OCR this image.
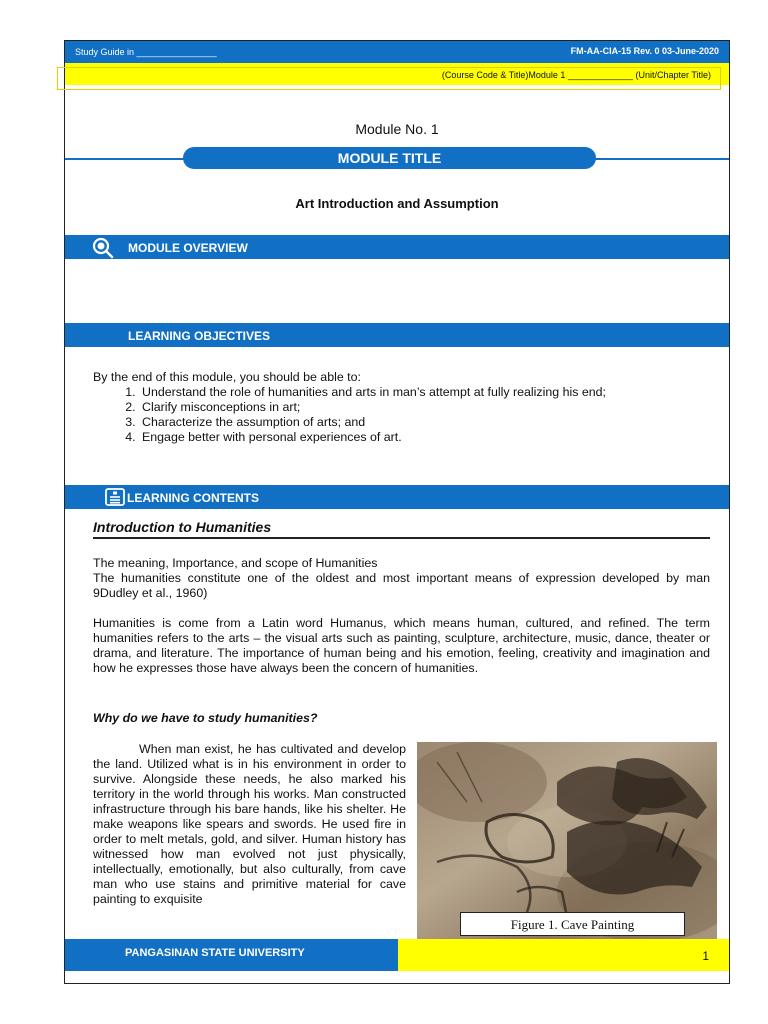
Study Guide in ________________	FM-AA-CIA-15 Rev. 0 03-June-2020
(Course Code & Title)Module 1 _____________ (Unit/Chapter Title)
Module No. 1
MODULE TITLE
Art Introduction and Assumption
MODULE OVERVIEW
LEARNING OBJECTIVES
By the end of this module, you should be able to:
1. Understand the role of humanities and arts in man’s attempt at fully realizing his end;
2. Clarify misconceptions in art;
3. Characterize the assumption of arts; and
4. Engage better with personal experiences of art.
LEARNING CONTENTS
Introduction to Humanities
The meaning, Importance, and scope of Humanities
The humanities constitute one of the oldest and most important means of expression developed by man 9Dudley et al., 1960)
Humanities is come from a Latin word Humanus, which means human, cultured, and refined. The term humanities refers to the arts – the visual arts such as painting, sculpture, architecture, music, dance, theater or drama, and literature. The importance of human being and his emotion, feeling, creativity and imagination and how he expresses those have always been the concern of humanities.
Why do we have to study humanities?
When man exist, he has cultivated and develop the land. Utilized what is in his environment in order to survive. Alongside these needs, he also marked his territory in the world through his works. Man constructed infrastructure through his bare hands, like his shelter. He make weapons like spears and swords. He used fire in order to melt metals, gold, and silver. Human history has witnessed how man evolved not just physically, intellectually, emotionally, but also culturally, from cave man who use stains and primitive material for cave painting to exquisite
Figure 1. Cave Painting
PANGASINAN STATE UNIVERSITY	1
